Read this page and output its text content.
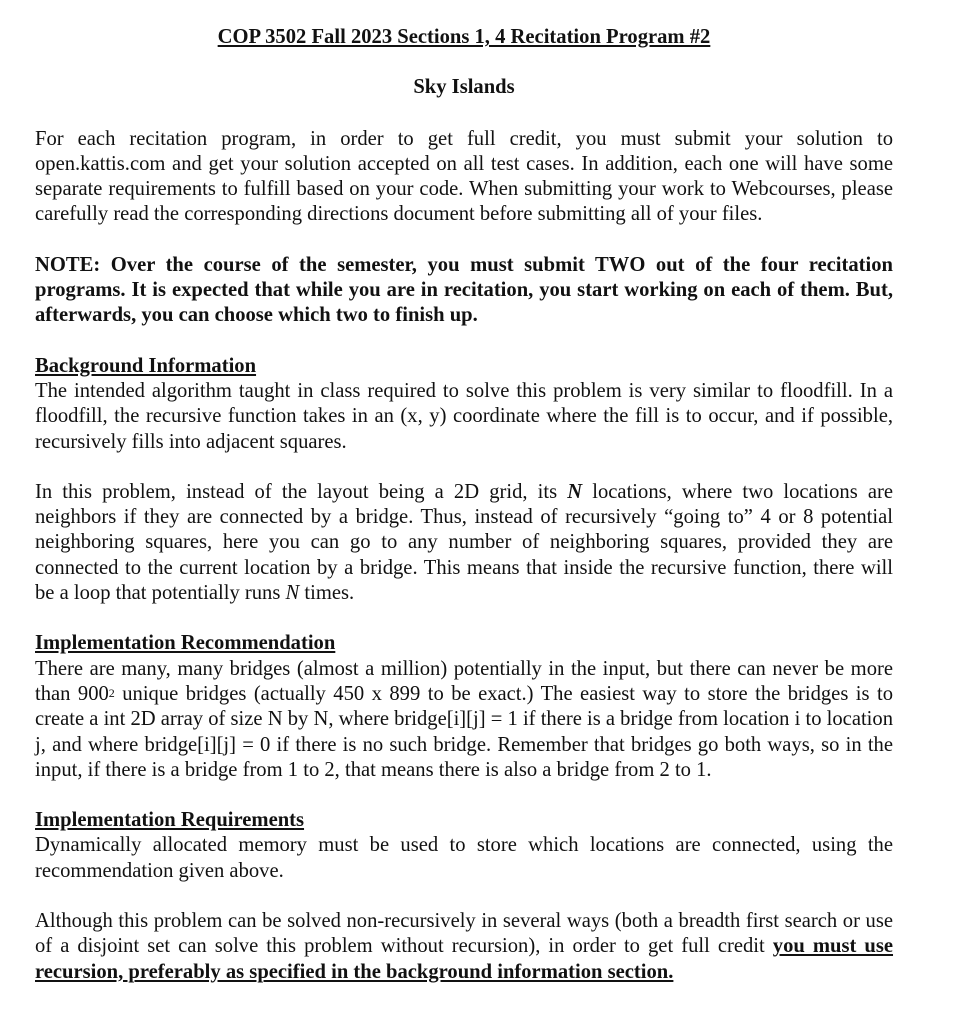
COP 3502 Fall 2023 Sections 1, 4 Recitation Program #2
Sky Islands

For each recitation program, in order to get full credit, you must submit your solution to open.kattis.com and get your solution accepted on all test cases. In addition, each one will have some separate requirements to fulfill based on your code. When submitting your work to Webcourses, please carefully read the corresponding directions document before submitting all of your files.

NOTE: Over the course of the semester, you must submit TWO out of the four recitation programs. It is expected that while you are in recitation, you start working on each of them. But, afterwards, you can choose which two to finish up.

Background Information

The intended algorithm taught in class required to solve this problem is very similar to floodfill. In a floodfill, the recursive function takes in an (x, y) coordinate where the fill is to occur, and if possible, recursively fills into adjacent squares.

In this problem, instead of the layout being a 2D grid, its N locations, where two locations are neighbors if they are connected by a bridge. Thus, instead of recursively “going to” 4 or 8 potential neighboring squares, here you can go to any number of neighboring squares, provided they are connected to the current location by a bridge. This means that inside the recursive function, there will be a loop that potentially runs N times.

Implementation Recommendation

There are many, many bridges (almost a million) potentially in the input, but there can never be more than $900^2$ unique bridges (actually 450 x 899 to be exact.) The easiest way to store the bridges is to create a int 2D array of size N by N, where bridge[i][j] = 1 if there is a bridge from location i to location j, and where bridge[i][j] = 0 if there is no such bridge. Remember that bridges go both ways, so in the input, if there is a bridge from 1 to 2, that means there is also a bridge from 2 to 1.

Implementation Requirements

Dynamically allocated memory must be used to store which locations are connected, using the recommendation given above.

Although this problem can be solved non-recursively in several ways (both a breadth first search or use of a disjoint set can solve this problem without recursion), in order to get full credit you must use recursion, preferably as specified in the background information section.
